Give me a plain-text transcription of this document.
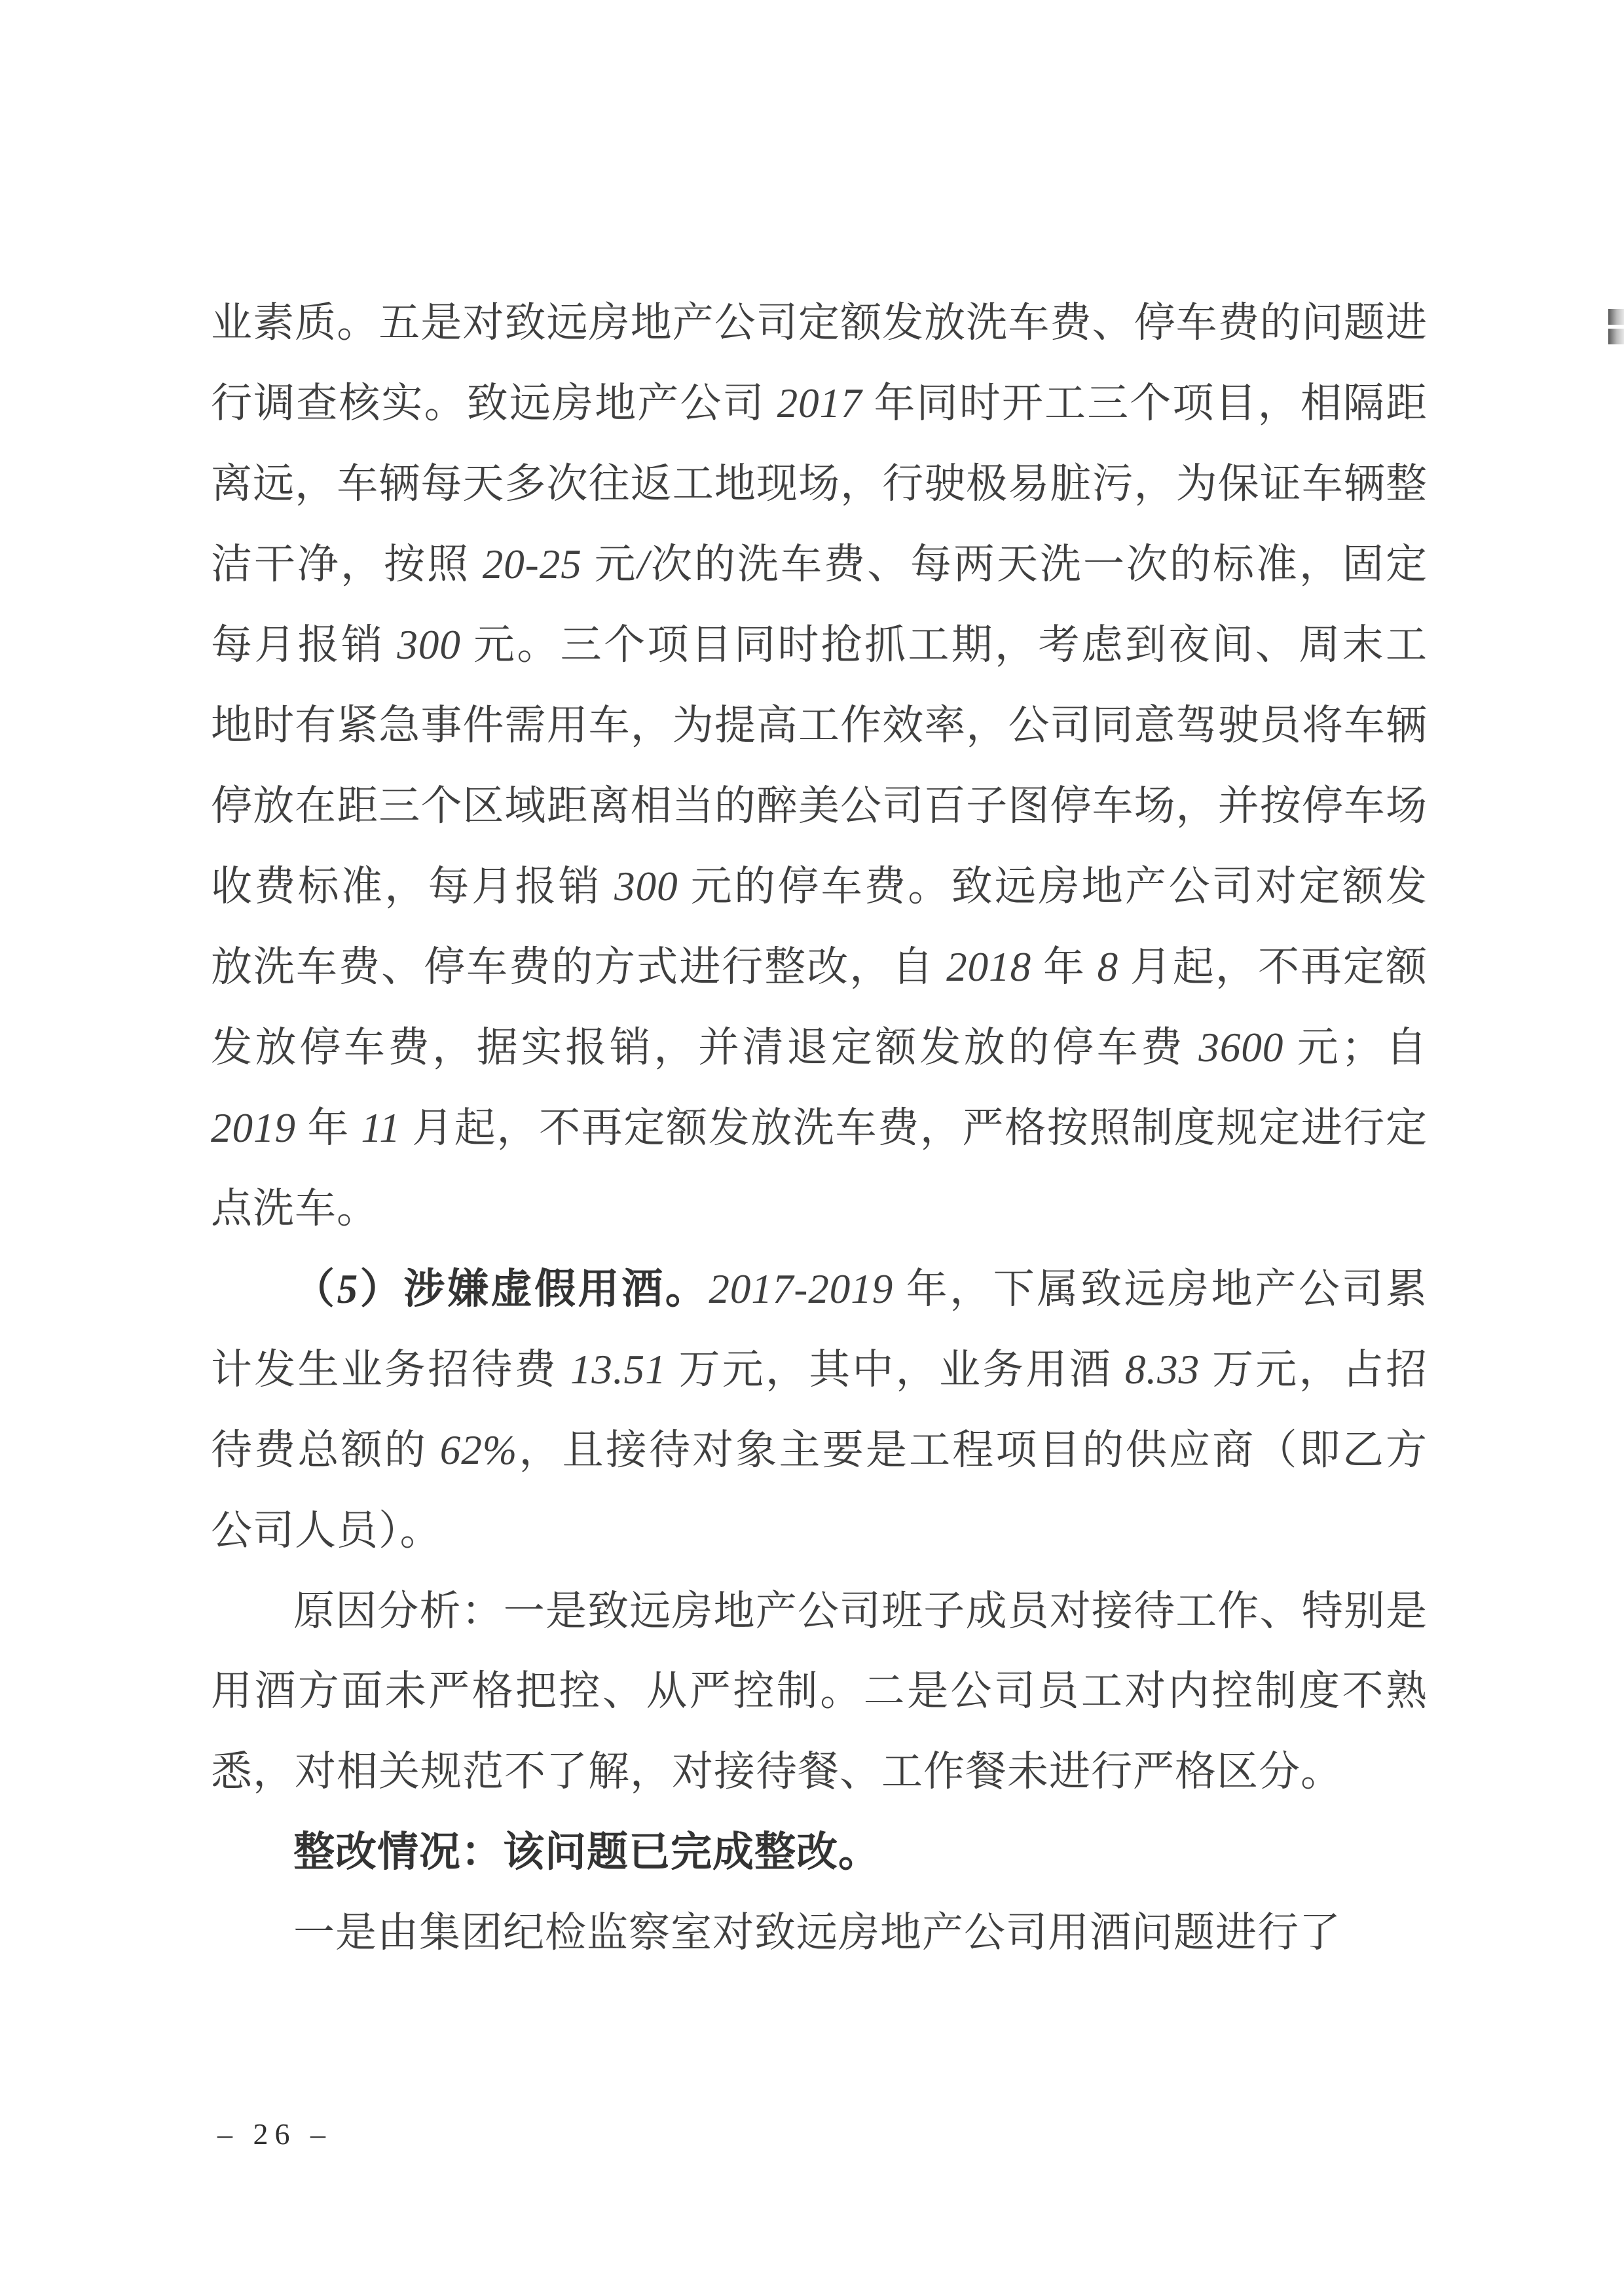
业素质。五是对致远房地产公司定额发放洗车费、停车费的问题进行调查核实。致远房地产公司 2017 年同时开工三个项目，相隔距离远，车辆每天多次往返工地现场，行驶极易脏污，为保证车辆整洁干净，按照 20-25 元/次的洗车费、每两天洗一次的标准，固定每月报销 300 元。三个项目同时抢抓工期，考虑到夜间、周末工地时有紧急事件需用车，为提高工作效率，公司同意驾驶员将车辆停放在距三个区域距离相当的醉美公司百子图停车场，并按停车场收费标准，每月报销 300 元的停车费。致远房地产公司对定额发放洗车费、停车费的方式进行整改，自 2018 年 8 月起，不再定额发放停车费，据实报销，并清退定额发放的停车费 3600 元；自 2019 年 11 月起，不再定额发放洗车费，严格按照制度规定进行定点洗车。

（5）涉嫌虚假用酒。2017-2019 年，下属致远房地产公司累计发生业务招待费 13.51 万元，其中，业务用酒 8.33 万元，占招待费总额的 62%，且接待对象主要是工程项目的供应商（即乙方公司人员）。

原因分析：一是致远房地产公司班子成员对接待工作、特别是用酒方面未严格把控、从严控制。二是公司员工对内控制度不熟悉，对相关规范不了解，对接待餐、工作餐未进行严格区分。

整改情况：该问题已完成整改。

一是由集团纪检监察室对致远房地产公司用酒问题进行了

– 26 –
